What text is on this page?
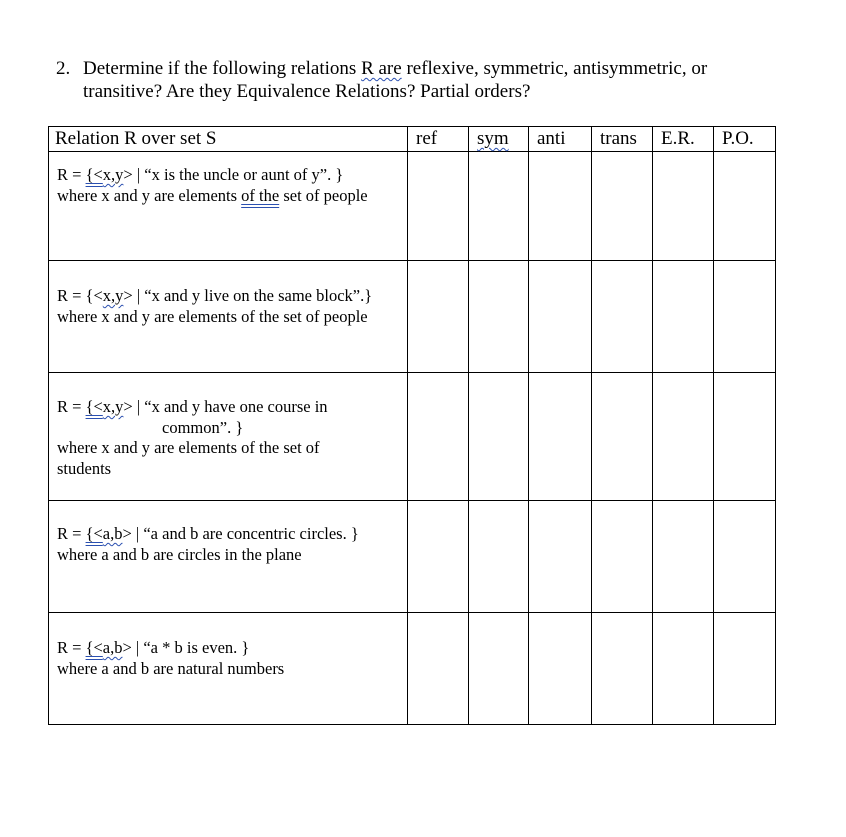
2. Determine if the following relations R are reflexive, symmetric, antisymmetric, or
transitive? Are they Equivalence Relations? Partial orders?
Relation R over set S	ref	sym	anti	trans	E.R.	P.O.

R = {<x,y> | “x is the uncle or aunt of y”. }
where x and y are elements of the set of people						

R = {<x,y> | “x and y live on the same block”.}
where x and y are elements of the set of people						

R = {<x,y> | “x and y have one course in
common”. }
where x and y are elements of the set of
students						

R = {<a,b> | “a and b are concentric circles. }
where a and b are circles in the plane						

R = {<a,b> | “a * b is even. }
where a and b are natural numbers						
